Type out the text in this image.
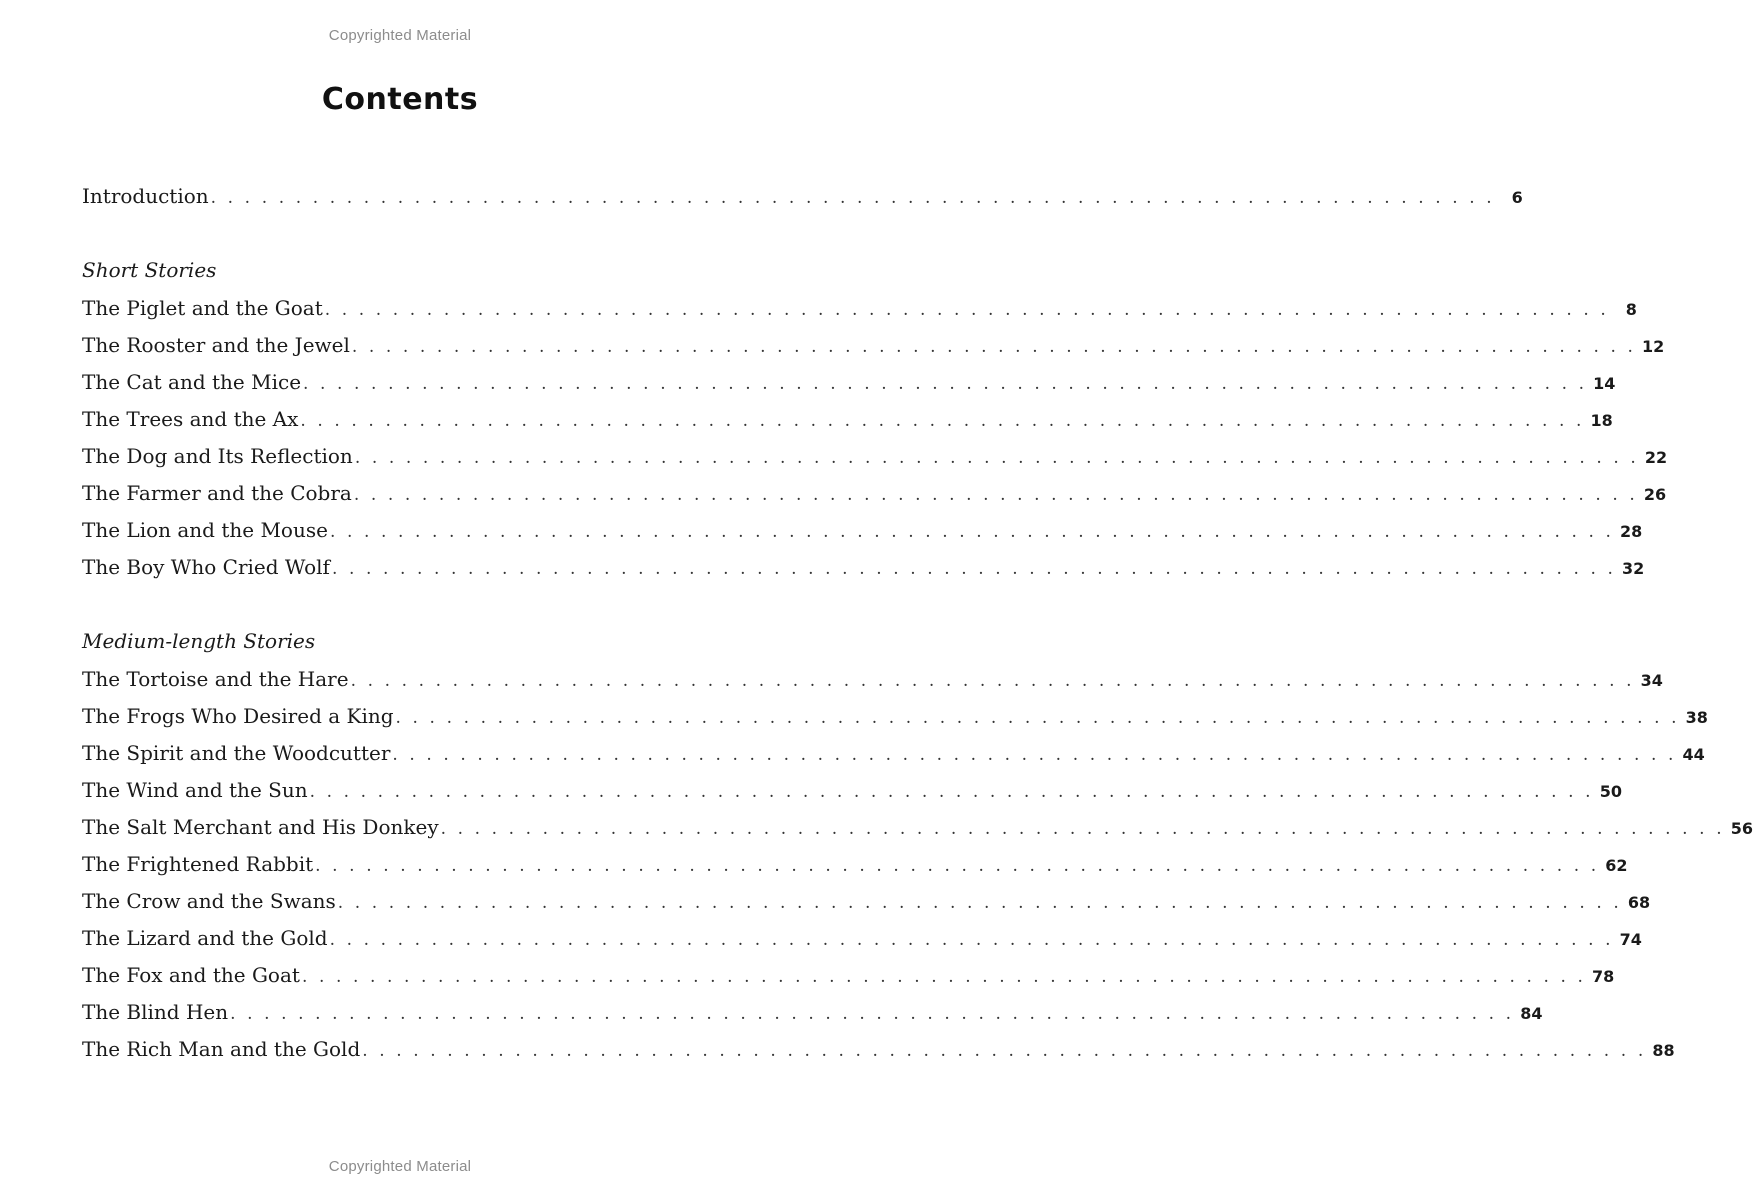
Copyrighted Material
Contents
Introduction . . . . . . . . . . . . . . . . . . . . . . . . . . . . . . . . . . . . . . . . . . . . . . . . . . . . . . . . . . . . . . . . . . . . . . . . . . . .	6
Short Stories
The Piglet and the Goat . . . . . . . . . . . . . . . . . . . . . . . . . . . . . . . . . . . . . . . . . . . . . . . . . . . . . . . . . . . . . . . . . . . . . . . . . . . .	8
The Rooster and the Jewel . . . . . . . . . . . . . . . . . . . . . . . . . . . . . . . . . . . . . . . . . . . . . . . . . . . . . . . . . . . . . . . . . . . . . . . . . . . . 12
The Cat and the Mice . . . . . . . . . . . . . . . . . . . . . . . . . . . . . . . . . . . . . . . . . . . . . . . . . . . . . . . . . . . . . . . . . . . . . . . . . . . . 14
The Trees and the Ax . . . . . . . . . . . . . . . . . . . . . . . . . . . . . . . . . . . . . . . . . . . . . . . . . . . . . . . . . . . . . . . . . . . . . . . . . . . . 18
The Dog and Its Reflection . . . . . . . . . . . . . . . . . . . . . . . . . . . . . . . . . . . . . . . . . . . . . . . . . . . . . . . . . . . . . . . . . . . . . . . . . . . . 22
The Farmer and the Cobra . . . . . . . . . . . . . . . . . . . . . . . . . . . . . . . . . . . . . . . . . . . . . . . . . . . . . . . . . . . . . . . . . . . . . . . . . . . . 26
The Lion and the Mouse . . . . . . . . . . . . . . . . . . . . . . . . . . . . . . . . . . . . . . . . . . . . . . . . . . . . . . . . . . . . . . . . . . . . . . . . . . . . 28
The Boy Who Cried Wolf . . . . . . . . . . . . . . . . . . . . . . . . . . . . . . . . . . . . . . . . . . . . . . . . . . . . . . . . . . . . . . . . . . . . . . . . . . . . 32
Medium-length Stories
The Tortoise and the Hare . . . . . . . . . . . . . . . . . . . . . . . . . . . . . . . . . . . . . . . . . . . . . . . . . . . . . . . . . . . . . . . . . . . . . . . . . . . . 34
The Frogs Who Desired a King . . . . . . . . . . . . . . . . . . . . . . . . . . . . . . . . . . . . . . . . . . . . . . . . . . . . . . . . . . . . . . . . . . . . . . . . . . . . 38
The Spirit and the Woodcutter . . . . . . . . . . . . . . . . . . . . . . . . . . . . . . . . . . . . . . . . . . . . . . . . . . . . . . . . . . . . . . . . . . . . . . . . . . . . 44
The Wind and the Sun . . . . . . . . . . . . . . . . . . . . . . . . . . . . . . . . . . . . . . . . . . . . . . . . . . . . . . . . . . . . . . . . . . . . . . . . . . . . 50
The Salt Merchant and His Donkey . . . . . . . . . . . . . . . . . . . . . . . . . . . . . . . . . . . . . . . . . . . . . . . . . . . . . . . . . . . . . . . . . . . . . . . . . . . . 56
The Frightened Rabbit . . . . . . . . . . . . . . . . . . . . . . . . . . . . . . . . . . . . . . . . . . . . . . . . . . . . . . . . . . . . . . . . . . . . . . . . . . . . 62
The Crow and the Swans . . . . . . . . . . . . . . . . . . . . . . . . . . . . . . . . . . . . . . . . . . . . . . . . . . . . . . . . . . . . . . . . . . . . . . . . . . . . 68
The Lizard and the Gold . . . . . . . . . . . . . . . . . . . . . . . . . . . . . . . . . . . . . . . . . . . . . . . . . . . . . . . . . . . . . . . . . . . . . . . . . . . . 74
The Fox and the Goat . . . . . . . . . . . . . . . . . . . . . . . . . . . . . . . . . . . . . . . . . . . . . . . . . . . . . . . . . . . . . . . . . . . . . . . . . . . . 78
The Blind Hen . . . . . . . . . . . . . . . . . . . . . . . . . . . . . . . . . . . . . . . . . . . . . . . . . . . . . . . . . . . . . . . . . . . . . . . . . . . . 84
The Rich Man and the Gold . . . . . . . . . . . . . . . . . . . . . . . . . . . . . . . . . . . . . . . . . . . . . . . . . . . . . . . . . . . . . . . . . . . . . . . . . . . . 88
Copyrighted Material
